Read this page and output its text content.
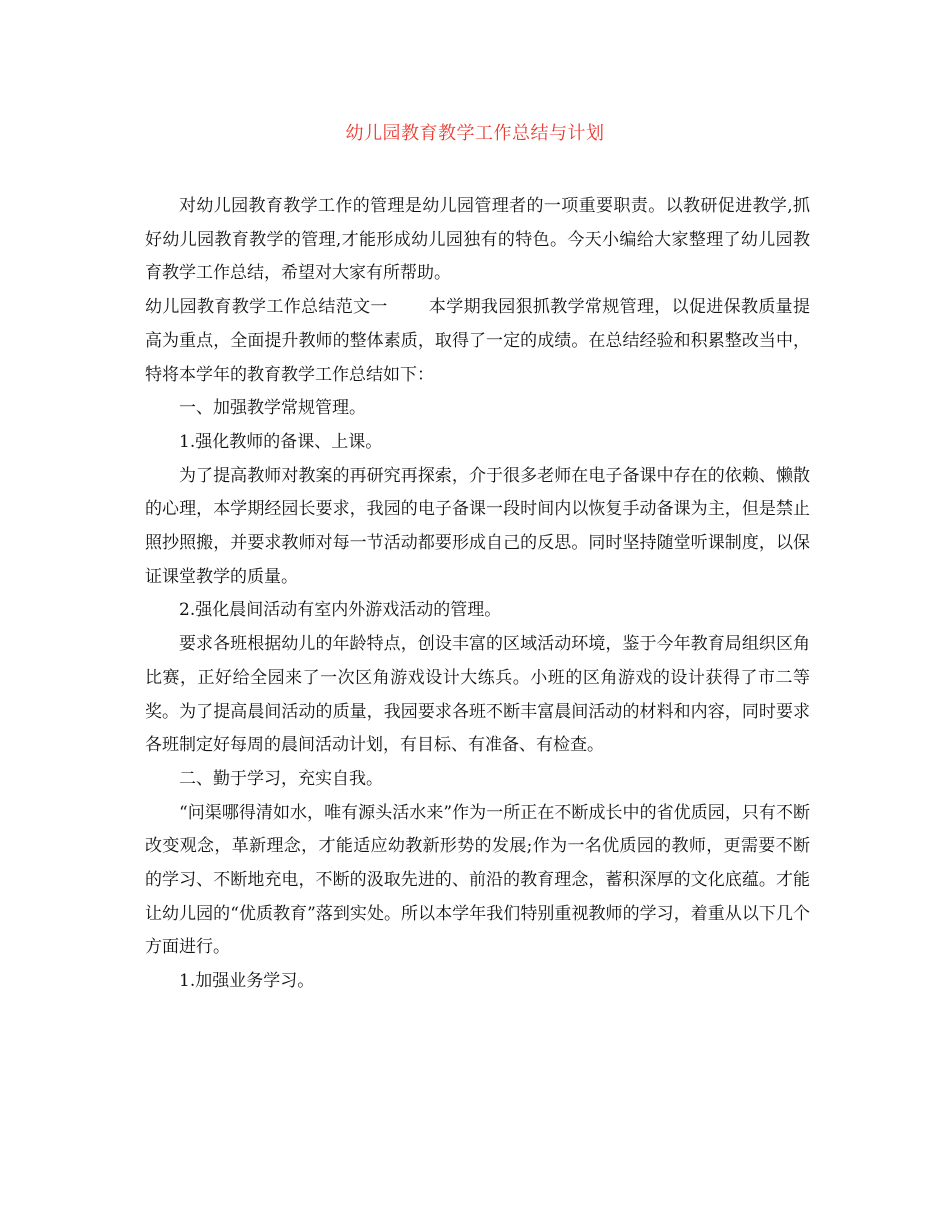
幼儿园教育教学工作总结与计划

对幼儿园教育教学工作的管理是幼儿园管理者的一项重要职责。以教研促进教学,抓好幼儿园教育教学的管理,才能形成幼儿园独有的特色。今天小编给大家整理了幼儿园教育教学工作总结，希望对大家有所帮助。

幼儿园教育教学工作总结范文一 本学期我园狠抓教学常规管理，以促进保教质量提高为重点，全面提升教师的整体素质，取得了一定的成绩。在总结经验和积累整改当中，特将本学年的教育教学工作总结如下：

一、加强教学常规管理。

1.强化教师的备课、上课。

为了提高教师对教案的再研究再探索，介于很多老师在电子备课中存在的依赖、懒散的心理，本学期经园长要求，我园的电子备课一段时间内以恢复手动备课为主，但是禁止照抄照搬，并要求教师对每一节活动都要形成自己的反思。同时坚持随堂听课制度，以保证课堂教学的质量。

2.强化晨间活动有室内外游戏活动的管理。

要求各班根据幼儿的年龄特点，创设丰富的区域活动环境，鉴于今年教育局组织区角比赛，正好给全园来了一次区角游戏设计大练兵。小班的区角游戏的设计获得了市二等奖。为了提高晨间活动的质量，我园要求各班不断丰富晨间活动的材料和内容，同时要求各班制定好每周的晨间活动计划，有目标、有准备、有检查。

二、勤于学习，充实自我。

“问渠哪得清如水，唯有源头活水来”作为一所正在不断成长中的省优质园，只有不断改变观念，革新理念，才能适应幼教新形势的发展;作为一名优质园的教师，更需要不断的学习、不断地充电，不断的汲取先进的、前沿的教育理念，蓄积深厚的文化底蕴。才能让幼儿园的“优质教育”落到实处。所以本学年我们特别重视教师的学习，着重从以下几个方面进行。

1.加强业务学习。
